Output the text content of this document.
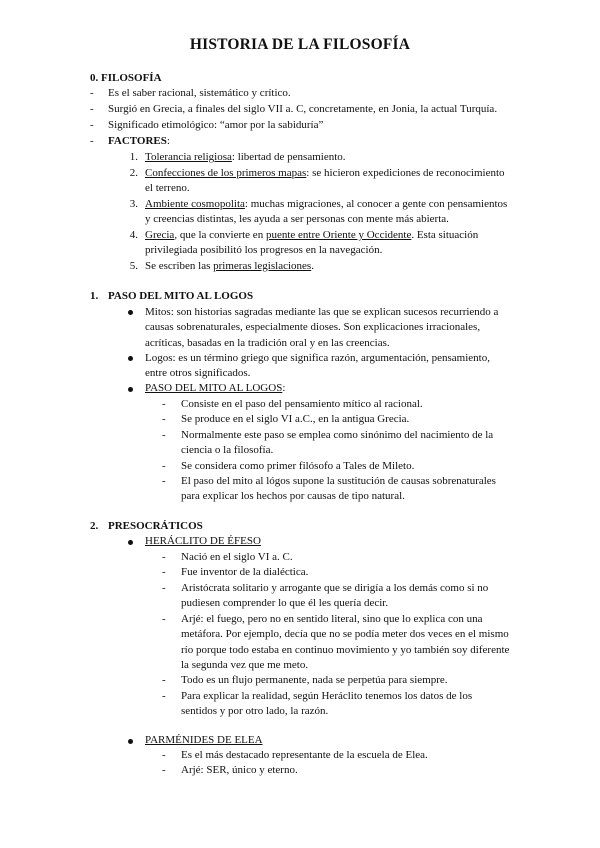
HISTORIA DE LA FILOSOFÍA
0. FILOSOFÍA
- Es el saber racional, sistemático y crítico.
- Surgió en Grecia, a finales del siglo VII a. C, concretamente, en Jonia, la actual Turquía.
- Significado etimológico: “amor por la sabiduría”
- FACTORES:
1. Tolerancia religiosa: libertad de pensamiento.
2. Confecciones de los primeros mapas: se hicieron expediciones de reconocimiento
el terreno.
3. Ambiente cosmopolita: muchas migraciones, al conocer a gente con pensamientos
y creencias distintas, les ayuda a ser personas con mente más abierta.
4. Grecia, que la convierte en puente entre Oriente y Occidente. Esta situación
privilegiada posibilitó los progresos en la navegación.
5. Se escriben las primeras legislaciones.
1. PASO DEL MITO AL LOGOS
Mitos: son historias sagradas mediante las que se explican sucesos recurriendo a
causas sobrenaturales, especialmente dioses. Son explicaciones irracionales,
acríticas, basadas en la tradición oral y en las creencias.
Logos: es un término griego que significa razón, argumentación, pensamiento,
entre otros significados.
PASO DEL MITO AL LOGOS:
- Consiste en el paso del pensamiento mítico al racional.
- Se produce en el siglo VI a.C., en la antigua Grecia.
- Normalmente este paso se emplea como sinónimo del nacimiento de la
ciencia o la filosofía.
- Se considera como primer filósofo a Tales de Mileto.
- El paso del mito al lógos supone la sustitución de causas sobrenaturales
para explicar los hechos por causas de tipo natural.
2. PRESOCRÁTICOS
HERÁCLITO DE ÉFESO
- Nació en el siglo VI a. C.
- Fue inventor de la dialéctica.
- Aristócrata solitario y arrogante que se dirigía a los demás como si no
pudiesen comprender lo que él les quería decir.
- Arjé: el fuego, pero no en sentido literal, sino que lo explica con una
metáfora. Por ejemplo, decía que no se podía meter dos veces en el mismo
río porque todo estaba en continuo movimiento y yo también soy diferente
la segunda vez que me meto.
- Todo es un flujo permanente, nada se perpetúa para siempre.
- Para explicar la realidad, según Heráclito tenemos los datos de los
sentidos y por otro lado, la razón.
PARMÉNIDES DE ELEA
- Es el más destacado representante de la escuela de Elea.
- Arjé: SER, único y eterno.
